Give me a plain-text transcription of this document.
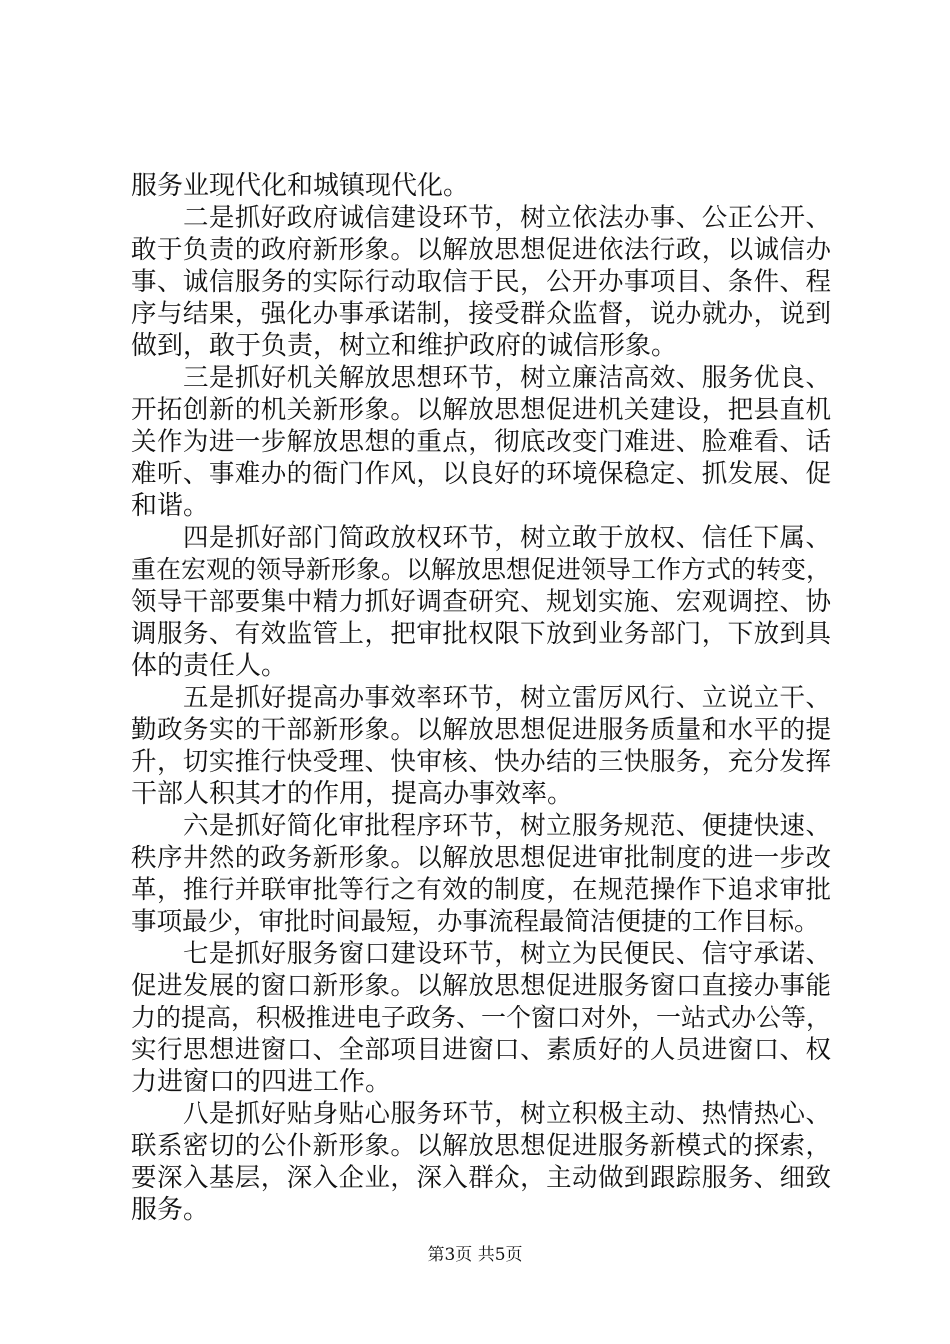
服务业现代化和城镇现代化。
二是抓好政府诚信建设环节，树立依法办事、公正公开、
敢于负责的政府新形象。以解放思想促进依法行政，以诚信办
事、诚信服务的实际行动取信于民，公开办事项目、条件、程
序与结果，强化办事承诺制，接受群众监督，说办就办，说到
做到，敢于负责，树立和维护政府的诚信形象。
三是抓好机关解放思想环节，树立廉洁高效、服务优良、
开拓创新的机关新形象。以解放思想促进机关建设，把县直机
关作为进一步解放思想的重点，彻底改变门难进、脸难看、话
难听、事难办的衙门作风，以良好的环境保稳定、抓发展、促
和谐。
四是抓好部门简政放权环节，树立敢于放权、信任下属、
重在宏观的领导新形象。以解放思想促进领导工作方式的转变，
领导干部要集中精力抓好调查研究、规划实施、宏观调控、协
调服务、有效监管上，把审批权限下放到业务部门，下放到具
体的责任人。
五是抓好提高办事效率环节，树立雷厉风行、立说立干、
勤政务实的干部新形象。以解放思想促进服务质量和水平的提
升，切实推行快受理、快审核、快办结的三快服务，充分发挥
干部人积其才的作用，提高办事效率。
六是抓好简化审批程序环节，树立服务规范、便捷快速、
秩序井然的政务新形象。以解放思想促进审批制度的进一步改
革，推行并联审批等行之有效的制度，在规范操作下追求审批
事项最少，审批时间最短，办事流程最简洁便捷的工作目标。
七是抓好服务窗口建设环节，树立为民便民、信守承诺、
促进发展的窗口新形象。以解放思想促进服务窗口直接办事能
力的提高，积极推进电子政务、一个窗口对外，一站式办公等，
实行思想进窗口、全部项目进窗口、素质好的人员进窗口、权
力进窗口的四进工作。
八是抓好贴身贴心服务环节，树立积极主动、热情热心、
联系密切的公仆新形象。以解放思想促进服务新模式的探索，
要深入基层，深入企业，深入群众，主动做到跟踪服务、细致
服务。
第3页 共5页
